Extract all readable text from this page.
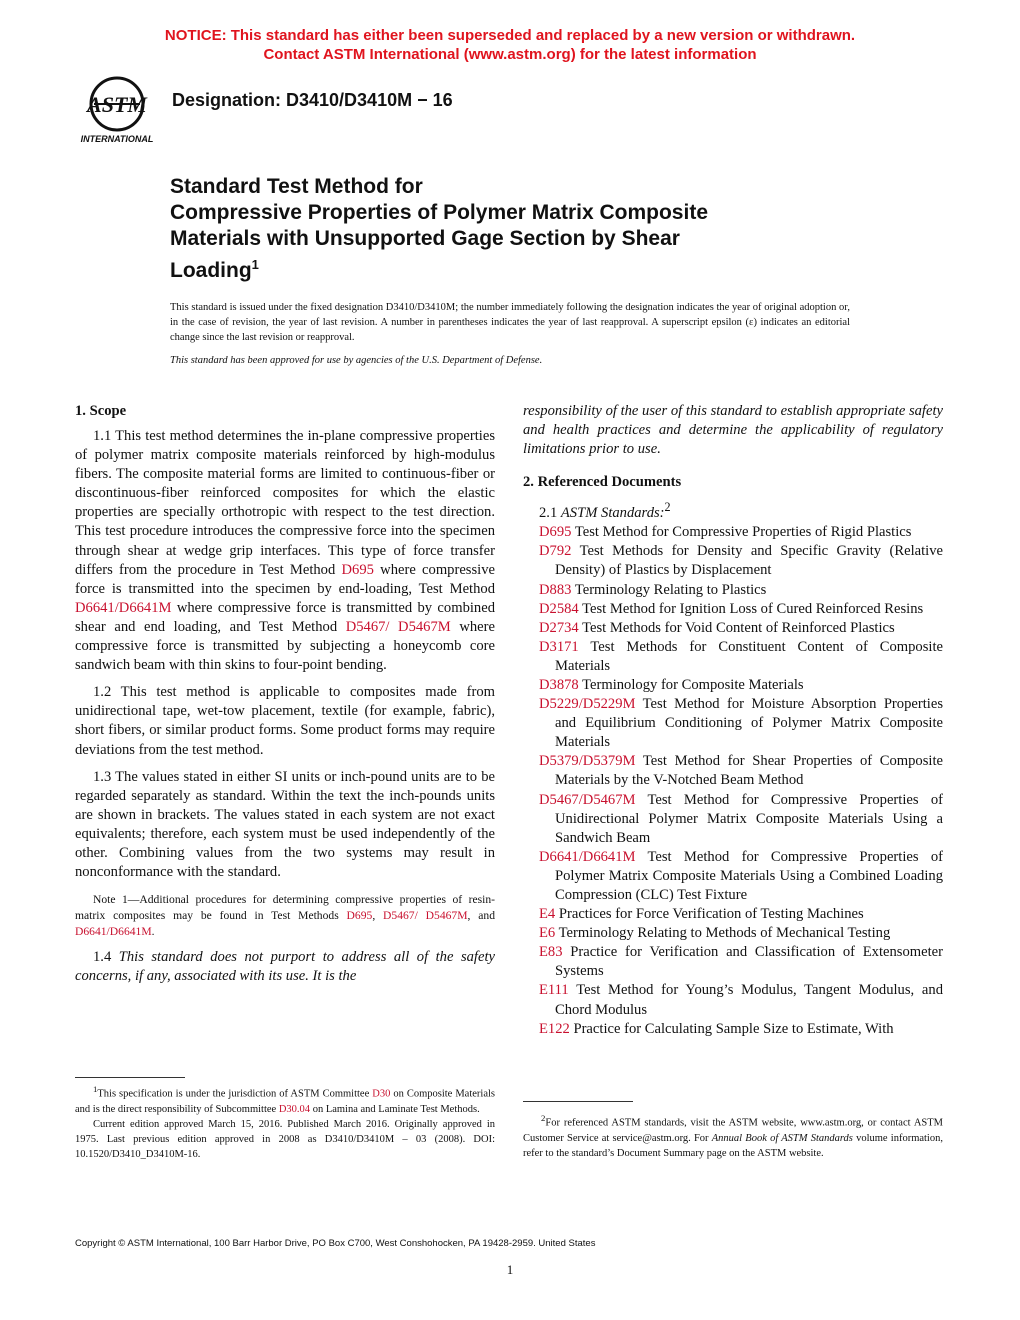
NOTICE: This standard has either been superseded and replaced by a new version or withdrawn.
Contact ASTM International (www.astm.org) for the latest information
ASTM
INTERNATIONAL
Designation: D3410/D3410M − 16
Standard Test Method for
Compressive Properties of Polymer Matrix Composite
Materials with Unsupported Gage Section by Shear
Loading$^1$
This standard is issued under the fixed designation D3410/D3410M; the number immediately following the designation indicates the year of original adoption or, in the case of revision, the year of last revision. A number in parentheses indicates the year of last reapproval. A superscript epsilon (ε) indicates an editorial change since the last revision or reapproval.
This standard has been approved for use by agencies of the U.S. Department of Defense.
1. Scope

1.1 This test method determines the in-plane compressive properties of polymer matrix composite materials reinforced by high-modulus fibers. The composite material forms are limited to continuous-fiber or discontinuous-fiber reinforced composites for which the elastic properties are specially orthotropic with respect to the test direction. This test procedure introduces the compressive force into the specimen through shear at wedge grip interfaces. This type of force transfer differs from the procedure in Test Method D695 where compressive force is transmitted into the specimen by end-loading, Test Method D6641/D6641M where compressive force is transmitted by combined shear and end loading, and Test Method D5467/ D5467M where compressive force is transmitted by subjecting a honeycomb core sandwich beam with thin skins to four-point bending.

1.2 This test method is applicable to composites made from unidirectional tape, wet-tow placement, textile (for example, fabric), short fibers, or similar product forms. Some product forms may require deviations from the test method.

1.3 The values stated in either SI units or inch-pound units are to be regarded separately as standard. Within the text the inch-pounds units are shown in brackets. The values stated in each system are not exact equivalents; therefore, each system must be used independently of the other. Combining values from the two systems may result in nonconformance with the standard.

Note 1—Additional procedures for determining compressive properties of resin-matrix composites may be found in Test Methods D695, D5467/ D5467M, and D6641/D6641M.

1.4 This standard does not purport to address all of the safety concerns, if any, associated with its use. It is the

responsibility of the user of this standard to establish appropriate safety and health practices and determine the applicability of regulatory limitations prior to use.

2. Referenced Documents

2.1 ASTM Standards:$^2$

D695 Test Method for Compressive Properties of Rigid Plastics

D792 Test Methods for Density and Specific Gravity (Relative Density) of Plastics by Displacement

D883 Terminology Relating to Plastics

D2584 Test Method for Ignition Loss of Cured Reinforced Resins

D2734 Test Methods for Void Content of Reinforced Plastics

D3171 Test Methods for Constituent Content of Composite Materials

D3878 Terminology for Composite Materials

D5229/D5229M Test Method for Moisture Absorption Properties and Equilibrium Conditioning of Polymer Matrix Composite Materials

D5379/D5379M Test Method for Shear Properties of Composite Materials by the V-Notched Beam Method

D5467/D5467M Test Method for Compressive Properties of Unidirectional Polymer Matrix Composite Materials Using a Sandwich Beam

D6641/D6641M Test Method for Compressive Properties of Polymer Matrix Composite Materials Using a Combined Loading Compression (CLC) Test Fixture

E4 Practices for Force Verification of Testing Machines

E6 Terminology Relating to Methods of Mechanical Testing

E83 Practice for Verification and Classification of Extensometer Systems

E111 Test Method for Young’s Modulus, Tangent Modulus, and Chord Modulus

E122 Practice for Calculating Sample Size to Estimate, With

$^1$This specification is under the jurisdiction of ASTM Committee D30 on Composite Materials and is the direct responsibility of Subcommittee D30.04 on Lamina and Laminate Test Methods.

Current edition approved March 15, 2016. Published March 2016. Originally approved in 1975. Last previous edition approved in 2008 as D3410/D3410M – 03 (2008). DOI: 10.1520/D3410_D3410M-16.

$^2$For referenced ASTM standards, visit the ASTM website, www.astm.org, or contact ASTM Customer Service at service@astm.org. For Annual Book of ASTM Standards volume information, refer to the standard’s Document Summary page on the ASTM website.

Copyright © ASTM International, 100 Barr Harbor Drive, PO Box C700, West Conshohocken, PA 19428-2959. United States
1
